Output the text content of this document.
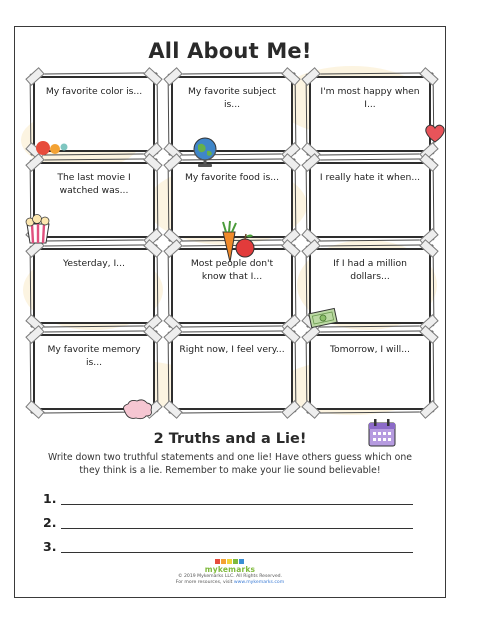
All About Me!
My favorite color is...	My favorite subject is...
I'm most happy when I...
The last movie I watched was...
My favorite food is...	I really hate it when...
Yesterday, I...	Most people don't know that I...
If I had a million dollars...
My favorite memory is...
Right now, I feel very...	Tomorrow, I will...
2 Truths and a Lie!
Write down two truthful statements and one lie! Have others guess which one
they think is a lie. Remember to make your lie sound believable!
1.
2.
3.
mykemarks
© 2019 Mykemarks LLC. All Rights Reserved.
For more resources, visit www.mykemarks.com
